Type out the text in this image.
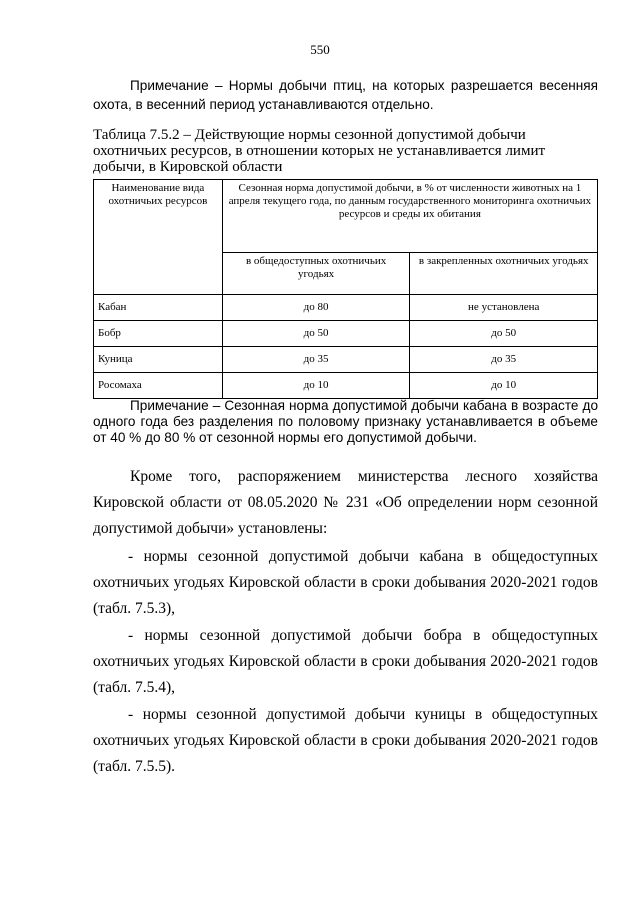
550

Примечание – Нормы добычи птиц, на которых разрешается весенняя охота, в весенний период устанавливаются отдельно.

Таблица 7.5.2 – Действующие нормы сезонной допустимой добычи охотничьих ресурсов, в отношении которых не устанавливается лимит добычи, в Кировской области

Наименование вида охотничьих ресурсов	Сезонная норма допустимой добычи, в % от численности животных на 1 апреля текущего года, по данным государственного мониторинга охотничьих ресурсов и среды их обитания	
	в общедоступных охотничьих угодьях	в закрепленных охотничьих угодьях
Кабан	до 80	не установлена
Бобр	до 50	до 50
Куница	до 35	до 35
Росомаха	до 10	до 10

Примечание – Сезонная норма допустимой добычи кабана в возрасте до одного года без разделения по половому признаку устанавливается в объеме от 40 % до 80 % от сезонной нормы его допустимой добычи.

Кроме того, распоряжением министерства лесного хозяйства Кировской области от 08.05.2020 № 231 «Об определении норм сезонной допустимой добычи» установлены:

- нормы сезонной допустимой добычи кабана в общедоступных охотничьих угодьях Кировской области в сроки добывания 2020-2021 годов (табл. 7.5.3),

- нормы сезонной допустимой добычи бобра в общедоступных охотничьих угодьях Кировской области в сроки добывания 2020-2021 годов (табл. 7.5.4),

- нормы сезонной допустимой добычи куницы в общедоступных охотничьих угодьях Кировской области в сроки добывания 2020-2021 годов (табл. 7.5.5).
